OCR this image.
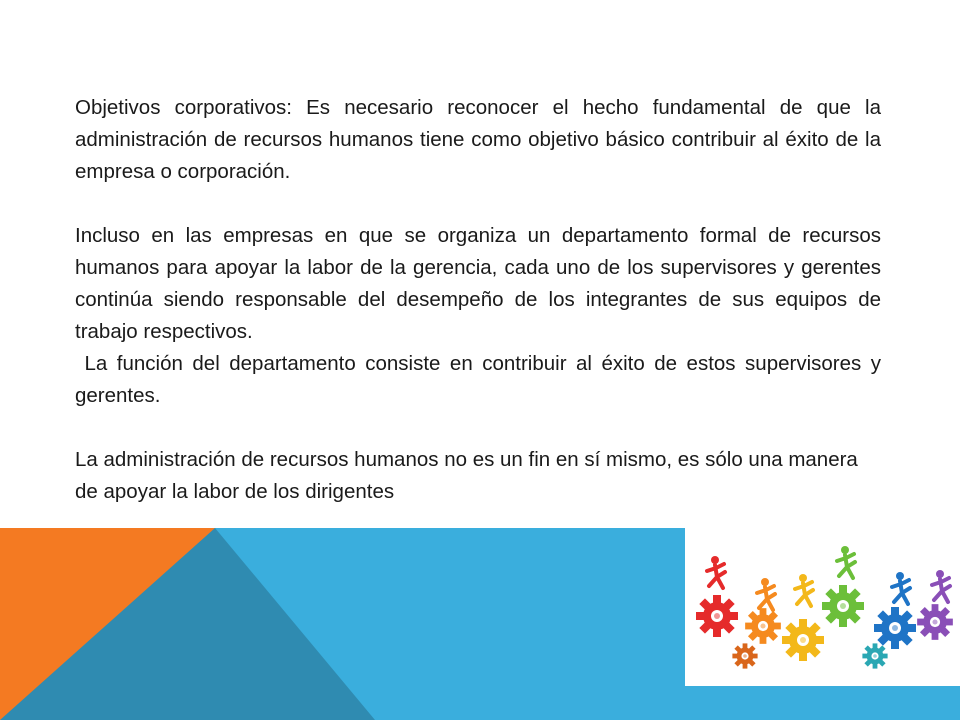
Objetivos corporativos: Es necesario reconocer el hecho fundamental de que la administración de recursos humanos tiene como objetivo básico contribuir al éxito de la empresa o corporación.

Incluso en las empresas en que se organiza un departamento formal de recursos humanos para apoyar la labor de la gerencia, cada uno de los supervisores y gerentes continúa siendo responsable del desempeño de los integrantes de sus equipos de trabajo respectivos.

La función del departamento consiste en contribuir al éxito de estos supervisores y gerentes.

La administración de recursos humanos no es un fin en sí mismo, es sólo una manera de apoyar la labor de los dirigentes
